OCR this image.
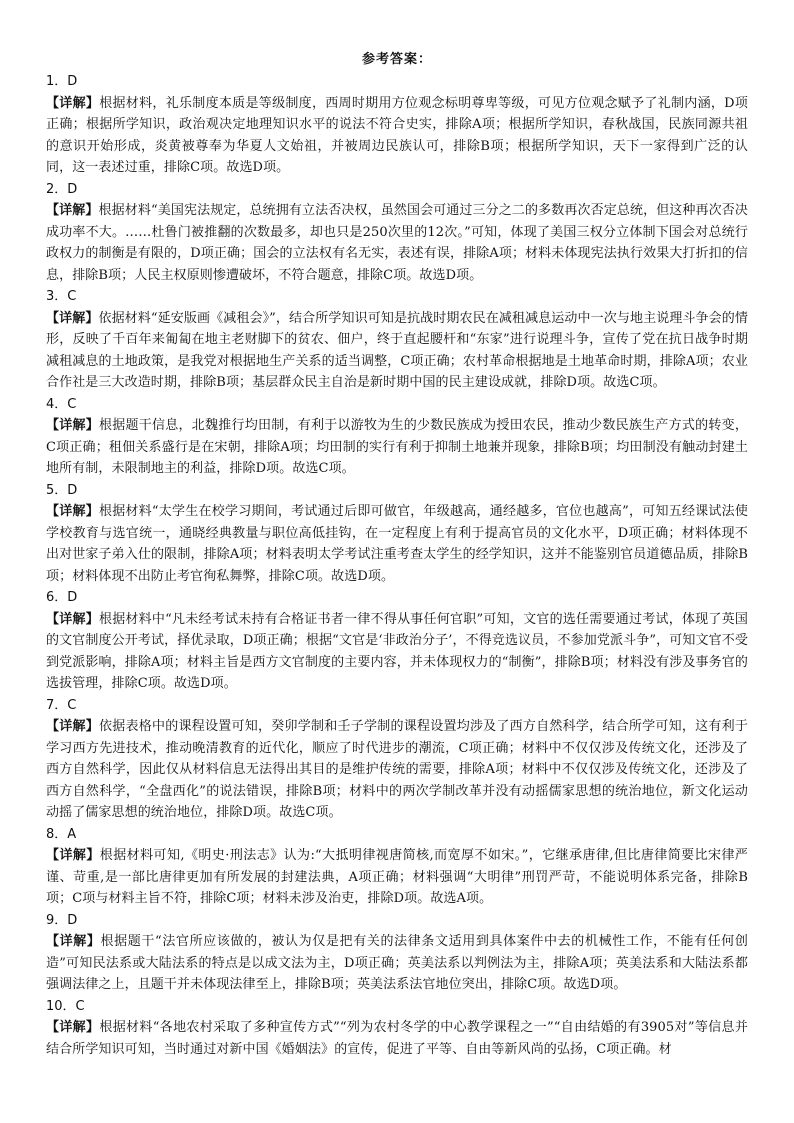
参考答案：

1．D

【详解】根据材料，礼乐制度本质是等级制度，西周时期用方位观念标明尊卑等级，可见方位观念赋予了礼制内涵，D项正确；根据所学知识，政治观决定地理知识水平的说法不符合史实，排除A项；根据所学知识，春秋战国，民族同源共祖的意识开始形成，炎黄被尊奉为华夏人文始祖，并被周边民族认可，排除B项；根据所学知识，天下一家得到广泛的认同，这一表述过重，排除C项。故选D项。

2．D

【详解】根据材料“美国宪法规定，总统拥有立法否决权，虽然国会可通过三分之二的多数再次否定总统，但这种再次否决成功率不大。……杜鲁门被推翻的次数最多，却也只是250次里的12次。”可知，体现了美国三权分立体制下国会对总统行政权力的制衡是有限的，D项正确；国会的立法权有名无实，表述有误，排除A项；材料未体现宪法执行效果大打折扣的信息，排除B项；人民主权原则惨遭破坏，不符合题意，排除C项。故选D项。

3．C

【详解】依据材料“延安版画《减租会》”，结合所学知识可知是抗战时期农民在减租减息运动中一次与地主说理斗争会的情形，反映了千百年来匍匐在地主老财脚下的贫农、佃户，终于直起腰杆和“东家”进行说理斗争，宣传了党在抗日战争时期减租减息的土地政策，是我党对根据地生产关系的适当调整，C项正确；农村革命根据地是土地革命时期，排除A项；农业合作社是三大改造时期，排除B项；基层群众民主自治是新时期中国的民主建设成就，排除D项。故选C项。

4．C

【详解】根据题干信息，北魏推行均田制，有利于以游牧为生的少数民族成为授田农民，推动少数民族生产方式的转变，C项正确；租佃关系盛行是在宋朝，排除A项；均田制的实行有利于抑制土地兼并现象，排除B项；均田制没有触动封建土地所有制，未限制地主的利益，排除D项。故选C项。

5．D

【详解】根据材料“太学生在校学习期间，考试通过后即可做官，年级越高，通经越多，官位也越高”，可知五经课试法使学校教育与选官统一，通晓经典教量与职位高低挂钩，在一定程度上有利于提高官员的文化水平，D项正确；材料体现不出对世家子弟入仕的限制，排除A项；材料表明太学考试注重考查太学生的经学知识，这并不能鉴别官员道德品质，排除B项；材料体现不出防止考官徇私舞弊，排除C项。故选D项。

6．D

【详解】根据材料中“凡未经考试未持有合格证书者一律不得从事任何官职”可知，文官的选任需要通过考试，体现了英国的文官制度公开考试，择优录取，D项正确；根据“文官是‘非政治分子’，不得竞选议员，不参加党派斗争”，可知文官不受到党派影响，排除A项；材料主旨是西方文官制度的主要内容，并未体现权力的“制衡”，排除B项；材料没有涉及事务官的选拔管理，排除C项。故选D项。

7．C

【详解】依据表格中的课程设置可知，癸卯学制和壬子学制的课程设置均涉及了西方自然科学，结合所学可知，这有利于学习西方先进技术，推动晚清教育的近代化，顺应了时代进步的潮流，C项正确；材料中不仅仅涉及传统文化，还涉及了西方自然科学，因此仅从材料信息无法得出其目的是维护传统的需要，排除A项；材料中不仅仅涉及传统文化，还涉及了西方自然科学，“全盘西化”的说法错误，排除B项；材料中的两次学制改革并没有动摇儒家思想的统治地位，新文化运动动摇了儒家思想的统治地位，排除D项。故选C项。

8．A

【详解】根据材料可知,《明史·刑法志》认为:“大抵明律视唐简核,而宽厚不如宋。”，它继承唐律,但比唐律简要比宋律严谨、苛重,是一部比唐律更加有所发展的封建法典，A项正确；材料强调“大明律”刑罚严苛，不能说明体系完备，排除B项；C项与材料主旨不符，排除C项；材料未涉及治吏，排除D项。故选A项。

9．D

【详解】根据题干“法官所应该做的，被认为仅是把有关的法律条文适用到具体案件中去的机械性工作，不能有任何创造”可知民法系或大陆法系的特点是以成文法为主，D项正确；英美法系以判例法为主，排除A项；英美法系和大陆法系都强调法律之上，且题干并未体现法律至上，排除B项；英美法系法官地位突出，排除C项。故选D项。

10．C

【详解】根据材料“各地农村采取了多种宣传方式”“列为农村冬学的中心教学课程之一”“自由结婚的有3905对”等信息并结合所学知识可知，当时通过对新中国《婚姻法》的宣传，促进了平等、自由等新风尚的弘扬，C项正确。材
